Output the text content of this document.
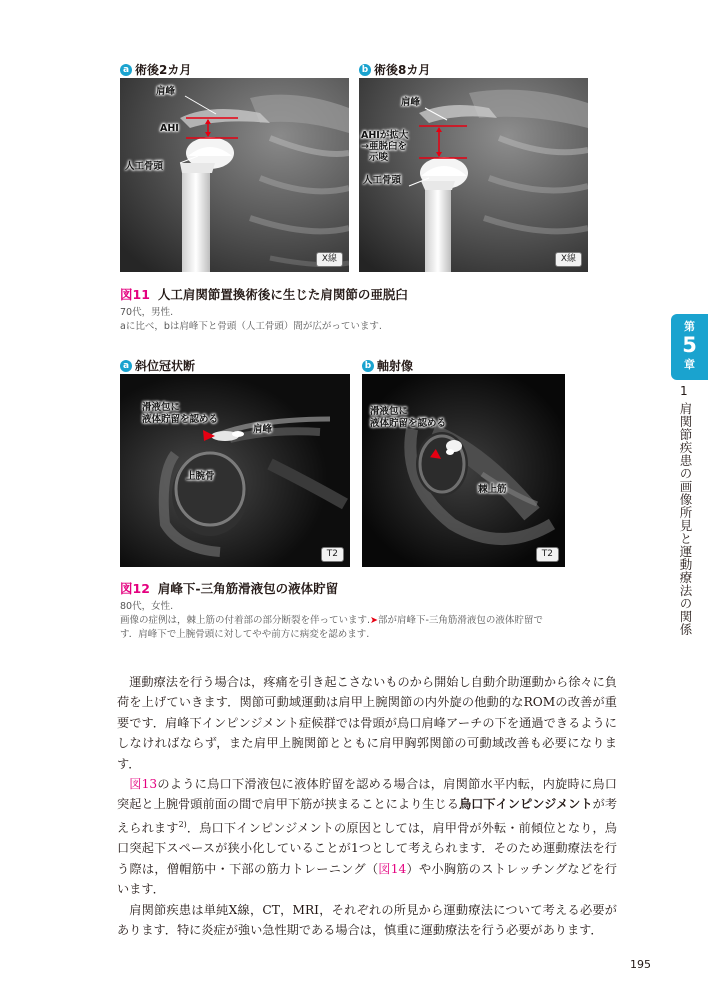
a 術後2カ月	b 術後8カ月
肩峰
AHI
人工骨頭
X線
肩峰
AHIが拡大
→亜脱臼を
示唆
人工骨頭
X線
図11 人工肩関節置換術後に生じた肩関節の亜脱臼
70代，男性.
aに比べ，bは肩峰下と骨頭（人工骨頭）間が広がっています.
a 斜位冠状断	b 軸射像
滑液包に
液体貯留を認める
肩峰
上腕骨
T2
滑液包に
液体貯留を認める
棘上筋
T2
図12 肩峰下-三角筋滑液包の液体貯留
80代，女性.
画像の症例は，棘上筋の付着部の部分断裂を伴っています.➤部が肩峰下-三角筋滑液包の液体貯留で
す．肩峰下で上腕骨頭に対してやや前方に病変を認めます.

運動療法を行う場合は，疼痛を引き起こさないものから開始し自動介助運動から徐々に負荷を上げていきます．関節可動域運動は肩甲上腕関節の内外旋の他動的なROMの改善が重要です．肩峰下インピンジメント症候群では骨頭が烏口肩峰アーチの下を通過できるようにしなければならず，また肩甲上腕関節とともに肩甲胸郭関節の可動域改善も必要になります．

図13のように烏口下滑液包に液体貯留を認める場合は，肩関節水平内転，内旋時に烏口突起と上腕骨頭前面の間で肩甲下筋が挟まることにより生じる烏口下インピンジメントが考えられます$^{2)}$．烏口下インピンジメントの原因としては，肩甲骨が外転・前傾位となり，烏口突起下スペースが狭小化していることが1つとして考えられます．そのため運動療法を行う際は，僧帽筋中・下部の筋力トレーニング（図14）や小胸筋のストレッチングなどを行います．

肩関節疾患は単純X線，CT，MRI，それぞれの所見から運動療法について考える必要があります．特に炎症が強い急性期である場合は，慎重に運動療法を行う必要があります．

第
5
章
1
肩関節疾患の画像所見と運動療法の関係
195
